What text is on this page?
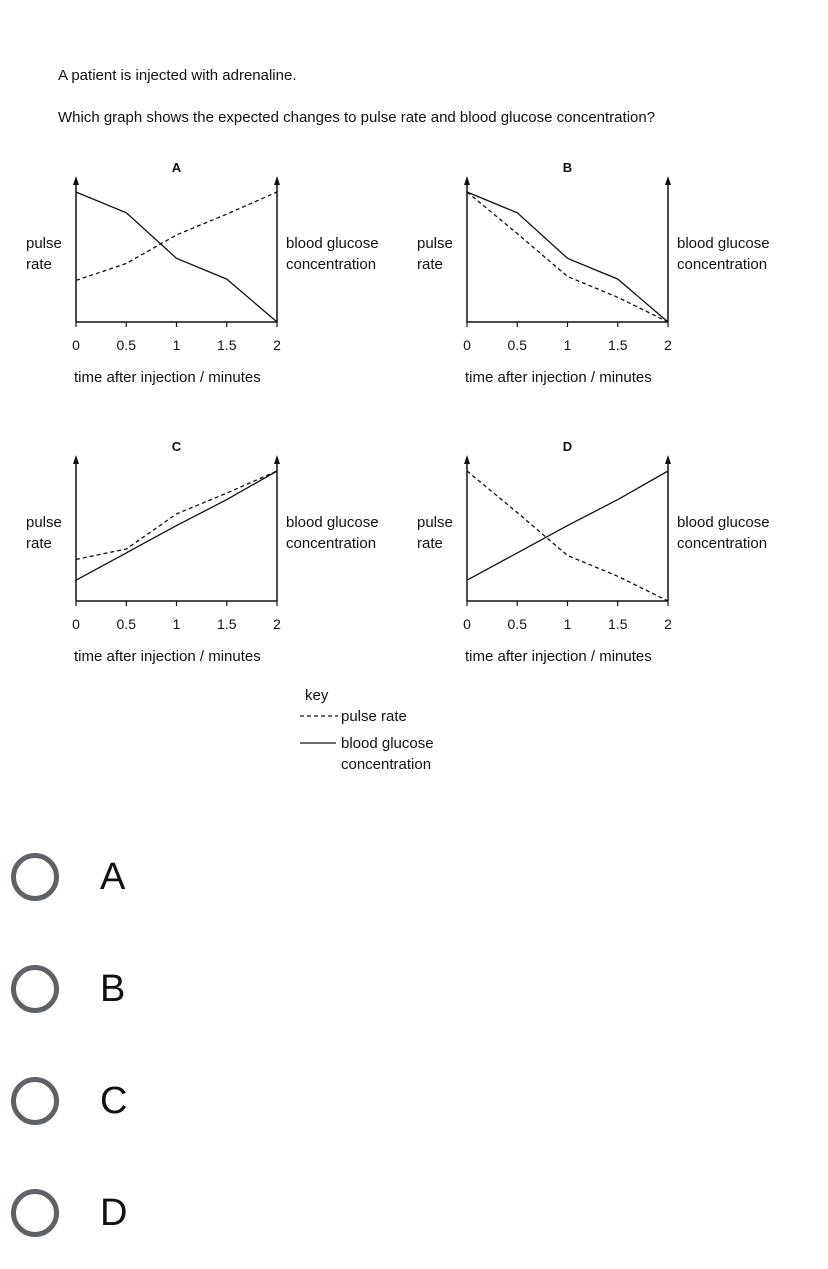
A patient is injected with adrenaline.
Which graph shows the expected changes to pulse rate and blood glucose concentration?
A
0	0.5	1	1.5	2
pulse
rate
blood glucose
concentration
time after injection / minutes
B
0	0.5	1	1.5	2
pulse
rate
blood glucose
concentration
time after injection / minutes
C
0	0.5	1	1.5	2
pulse
rate
blood glucose
concentration
time after injection / minutes
D
0	0.5	1	1.5	2
pulse
rate
blood glucose
concentration
time after injection / minutes
key
pulse rate
blood glucose
concentration
A
B
C
D
